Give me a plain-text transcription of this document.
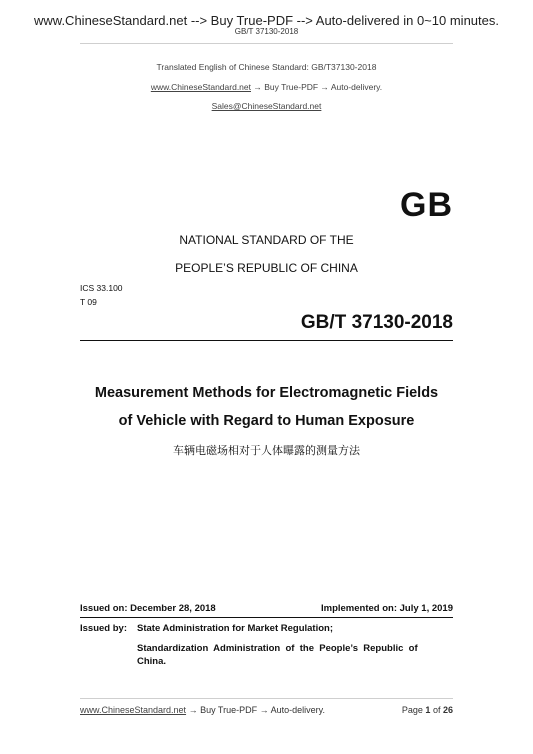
www.ChineseStandard.net --> Buy True-PDF --> Auto-delivered in 0~10 minutes.
GB/T 37130-2018
Translated English of Chinese Standard: GB/T37130-2018
www.ChineseStandard.net → Buy True-PDF → Auto-delivery.
Sales@ChineseStandard.net
GB
NATIONAL STANDARD OF THE
PEOPLE’S REPUBLIC OF CHINA
ICS 33.100
T 09
GB/T 37130-2018
Measurement Methods for Electromagnetic Fields
of Vehicle with Regard to Human Exposure
车辆电磁场相对于人体曝露的测量方法
Issued on: December 28, 2018	Implemented on: July 1, 2019
Issued by: State Administration for Market Regulation;
Standardization  Administration  of  the  People’s  Republic  of
China.
www.ChineseStandard.net → Buy True-PDF → Auto-delivery.	Page 1 of 26
